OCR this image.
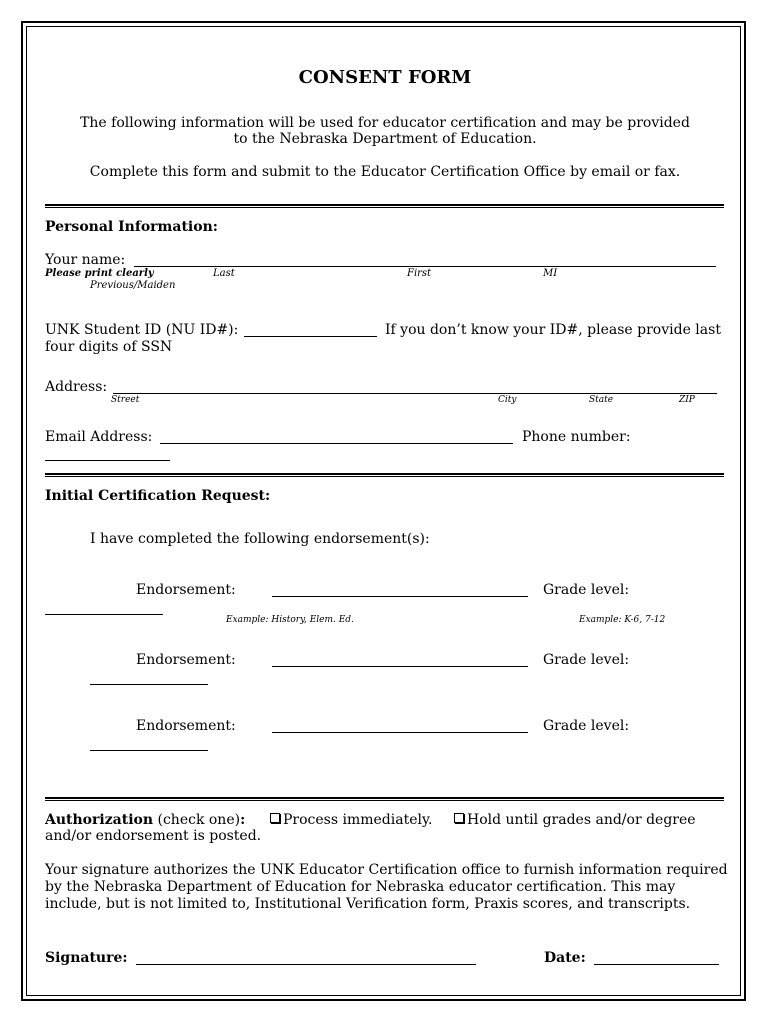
CONSENT FORM
The following information will be used for educator certification and may be provided
to the Nebraska Department of Education.
Complete this form and submit to the Educator Certification Office by email or fax.
Personal Information:
Your name:
Please print clearly	Last	First	MI
Previous/Maiden
UNK Student ID (NU ID#):	If you don’t know your ID#, please provide last
four digits of SSN
Address:
Street	City	State	ZIP
Email Address:	Phone number:
Initial Certification Request:
I have completed the following endorsement(s):
Endorsement:	Grade level:
Example: History, Elem. Ed.	Example: K-6, 7-12
Endorsement:	Grade level:
Endorsement:	Grade level:
Authorization (check one):	Process immediately.	Hold until grades and/or degree
and/or endorsement is posted.
Your signature authorizes the UNK Educator Certification office to furnish information required
by the Nebraska Department of Education for Nebraska educator certification. This may
include, but is not limited to, Institutional Verification form, Praxis scores, and transcripts.
Signature:	Date:
